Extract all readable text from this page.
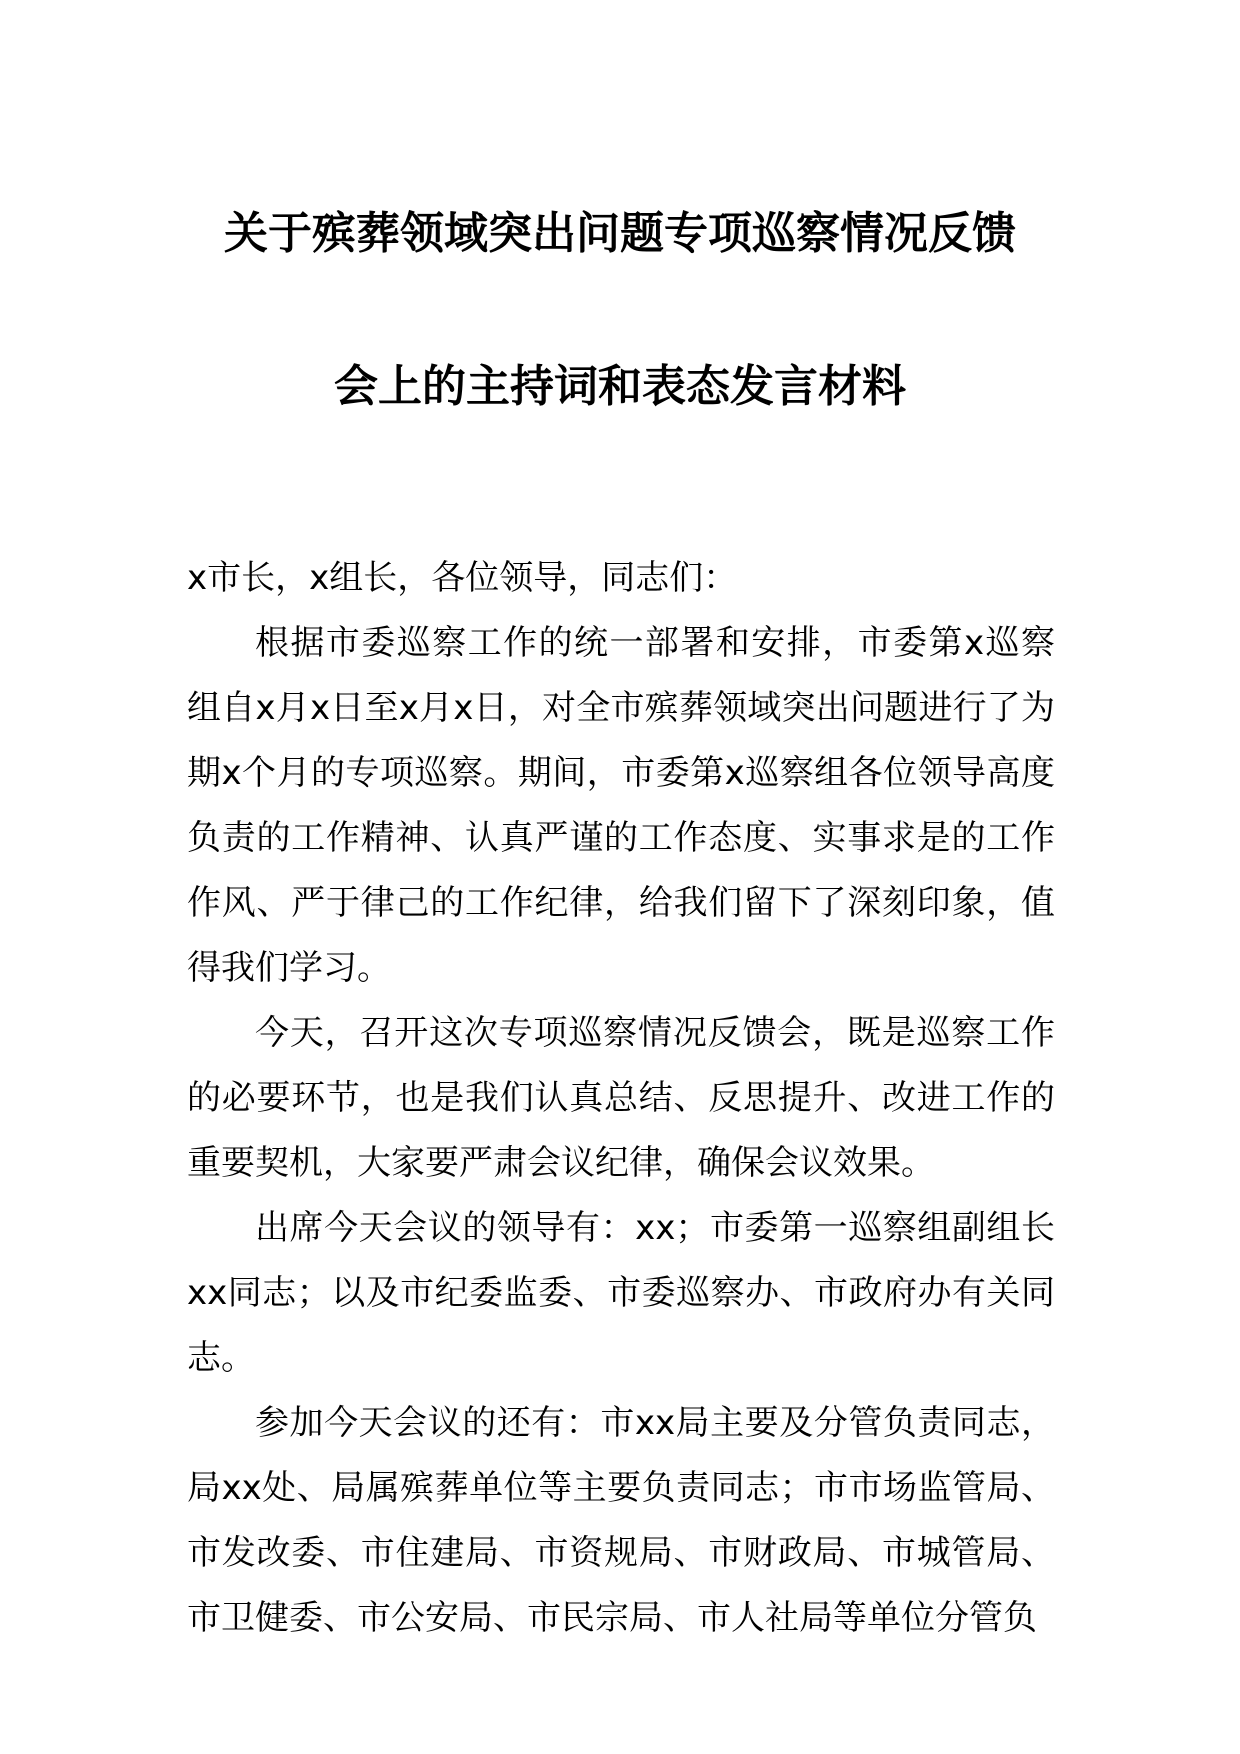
关于殡葬领域突出问题专项巡察情况反馈
会上的主持词和表态发言材料

x市长，x组长，各位领导，同志们：

根据市委巡察工作的统一部署和安排，市委第x巡察组自x月x日至x月x日，对全市殡葬领域突出问题进行了为期x个月的专项巡察。期间，市委第x巡察组各位领导高度负责的工作精神、认真严谨的工作态度、实事求是的工作作风、严于律己的工作纪律，给我们留下了深刻印象，值得我们学习。

今天，召开这次专项巡察情况反馈会，既是巡察工作的必要环节，也是我们认真总结、反思提升、改进工作的重要契机，大家要严肃会议纪律，确保会议效果。

出席今天会议的领导有：xx；市委第一巡察组副组长xx同志；以及市纪委监委、市委巡察办、市政府办有关同志。

参加今天会议的还有：市xx局主要及分管负责同志，局xx处、局属殡葬单位等主要负责同志；市市场监管局、市发改委、市住建局、市资规局、市财政局、市城管局、市卫健委、市公安局、市民宗局、市人社局等单位分管负
